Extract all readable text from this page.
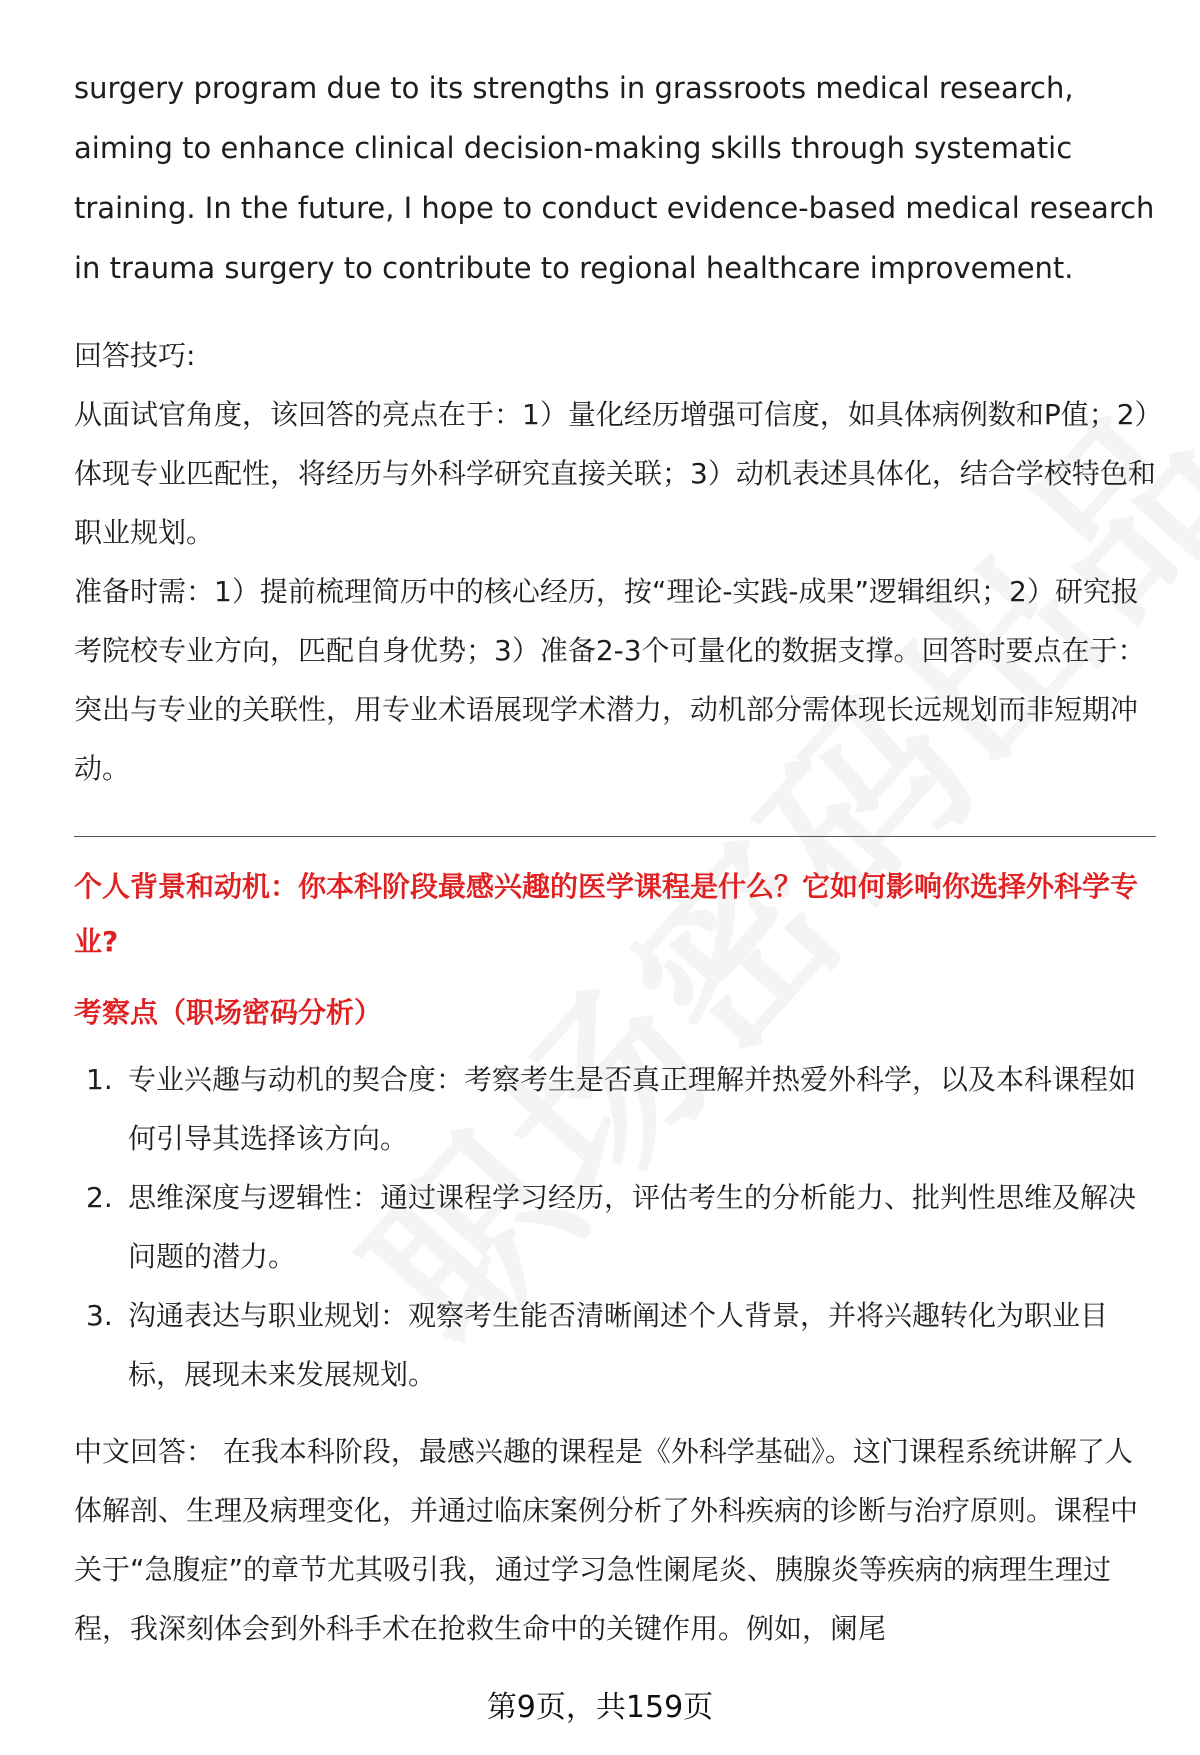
surgery program due to its strengths in grassroots medical research, aiming to enhance clinical decision-making skills through systematic training. In the future, I hope to conduct evidence-based medical research in trauma surgery to contribute to regional healthcare improvement.

回答技巧:

从面试官角度，该回答的亮点在于：1）量化经历增强可信度，如具体病例数和P值；2）体现专业匹配性，将经历与外科学研究直接关联；3）动机表述具体化，结合学校特色和职业规划。

准备时需：1）提前梳理简历中的核心经历，按“理论-实践-成果”逻辑组织；2）研究报考院校专业方向，匹配自身优势；3）准备2-3个可量化的数据支撑。回答时要点在于：突出与专业的关联性，用专业术语展现学术潜力，动机部分需体现长远规划而非短期冲动。

个人背景和动机：你本科阶段最感兴趣的医学课程是什么？它如何影响你选择外科学专业?

考察点（职场密码分析）

1. 专业兴趣与动机的契合度：考察考生是否真正理解并热爱外科学，以及本科课程如何引导其选择该方向。
2. 思维深度与逻辑性：通过课程学习经历，评估考生的分析能力、批判性思维及解决问题的潜力。
3. 沟通表达与职业规划：观察考生能否清晰阐述个人背景，并将兴趣转化为职业目标，展现未来发展规划。

中文回答： 在我本科阶段，最感兴趣的课程是《外科学基础》。这门课程系统讲解了人体解剖、生理及病理变化，并通过临床案例分析了外科疾病的诊断与治疗原则。课程中关于“急腹症”的章节尤其吸引我，通过学习急性阑尾炎、胰腺炎等疾病的病理生理过程，我深刻体会到外科手术在抢救生命中的关键作用。例如，阑尾

第9页，共159页
